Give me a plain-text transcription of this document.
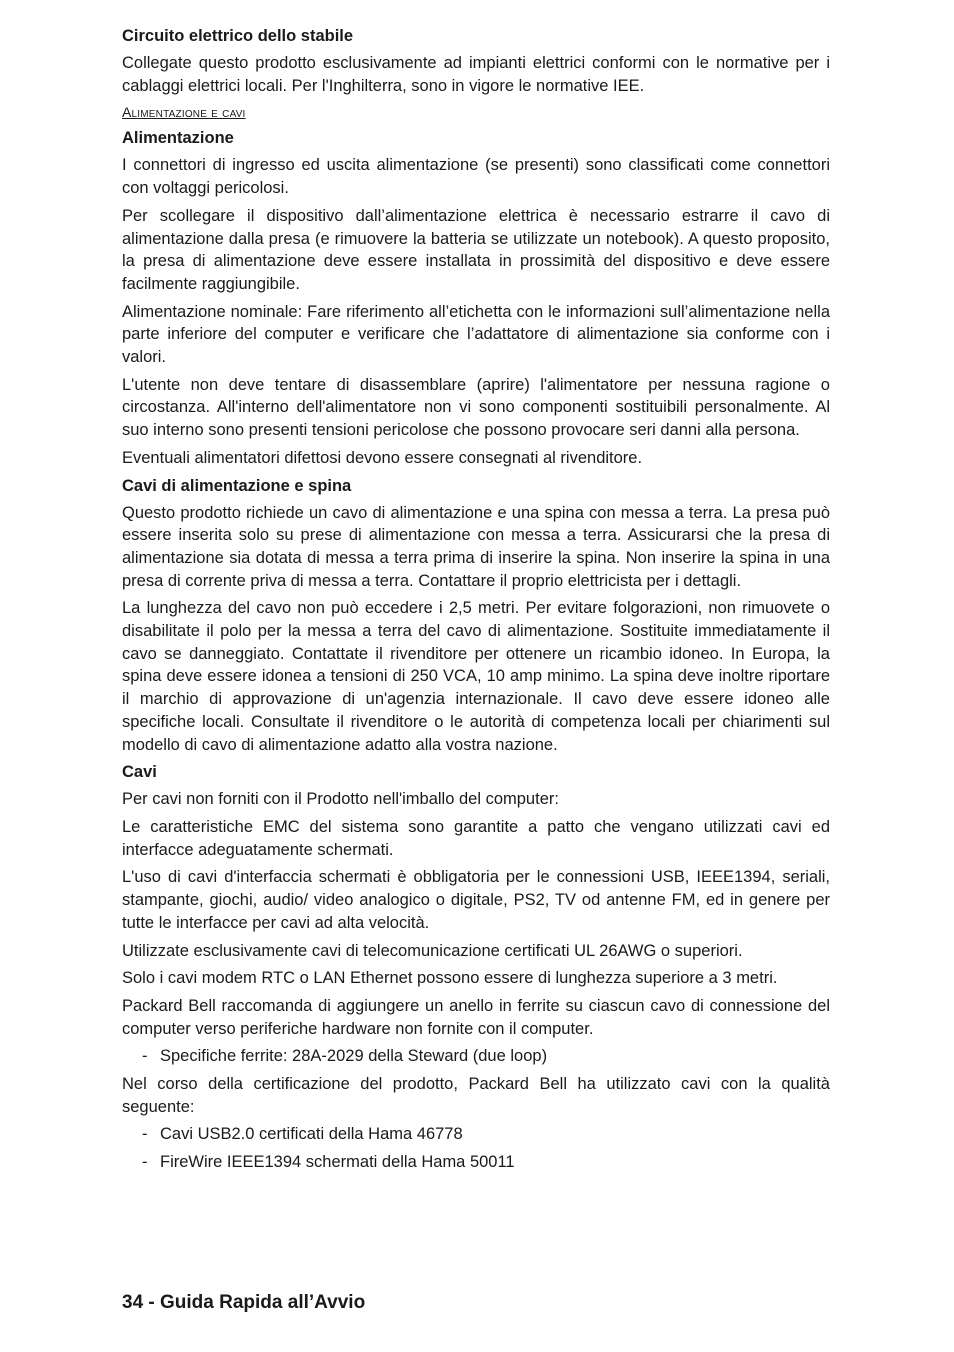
Circuito elettrico dello stabile

Collegate questo prodotto esclusivamente ad impianti elettrici conformi con le normative per i cablaggi elettrici locali. Per l'Inghilterra, sono in vigore le normative IEE.

Alimentazione e cavi

Alimentazione

I connettori di ingresso ed uscita alimentazione (se presenti) sono classificati come connettori con voltaggi pericolosi.

Per scollegare il dispositivo dall’alimentazione elettrica è necessario estrarre il cavo di alimentazione dalla presa (e rimuovere la batteria se utilizzate un notebook). A questo proposito, la presa di alimentazione deve essere installata in prossimità del dispositivo e deve essere facilmente raggiungibile.

Alimentazione nominale: Fare riferimento all’etichetta con le informazioni sull’alimentazione nella parte inferiore del computer e verificare che l’adattatore di alimentazione sia conforme con i valori.

L'utente non deve tentare di disassemblare (aprire) l'alimentatore per nessuna ragione o circostanza. All'interno dell'alimentatore non vi sono componenti sostituibili personalmente. Al suo interno sono presenti tensioni pericolose che possono provocare seri danni alla persona.

Eventuali alimentatori difettosi devono essere consegnati al rivenditore.

Cavi di alimentazione e spina

Questo prodotto richiede un cavo di alimentazione e una spina con messa a terra. La presa può essere inserita solo su prese di alimentazione con messa a terra. Assicurarsi che la presa di alimentazione sia dotata di messa a terra prima di inserire la spina. Non inserire la spina in una presa di corrente priva di messa a terra. Contattare il proprio elettricista per i dettagli.

La lunghezza del cavo non può eccedere i 2,5 metri. Per evitare folgorazioni, non rimuovete o disabilitate il polo per la messa a terra del cavo di alimentazione. Sostituite immediatamente il cavo se danneggiato. Contattate il rivenditore per ottenere un ricambio idoneo. In Europa, la spina deve essere idonea a tensioni di 250 VCA, 10 amp minimo. La spina deve inoltre riportare il marchio di approvazione di un'agenzia internazionale. Il cavo deve essere idoneo alle specifiche locali. Consultate il rivenditore o le autorità di competenza locali per chiarimenti sul modello di cavo di alimentazione adatto alla vostra nazione.

Cavi

Per cavi non forniti con il Prodotto nell'imballo del computer:

Le caratteristiche EMC del sistema sono garantite a patto che vengano utilizzati cavi ed interfacce adeguatamente schermati.

L'uso di cavi d'interfaccia schermati è obbligatoria per le connessioni USB, IEEE1394, seriali, stampante, giochi, audio/ video analogico o digitale, PS2, TV od antenne FM, ed in genere per tutte le interfacce per cavi ad alta velocità.

Utilizzate esclusivamente cavi di telecomunicazione certificati UL 26AWG o superiori.

Solo i cavi modem RTC o LAN Ethernet possono essere di lunghezza superiore a 3 metri.

Packard Bell raccomanda di aggiungere un anello in ferrite su ciascun cavo di connessione del computer verso periferiche hardware non fornite con il computer.

- Specifiche ferrite: 28A-2029 della Steward (due loop)

Nel corso della certificazione del prodotto, Packard Bell ha utilizzato cavi con la qualità seguente:

- Cavi USB2.0 certificati della Hama 46778
- FireWire IEEE1394 schermati della Hama 50011
34 - Guida Rapida all’Avvio
